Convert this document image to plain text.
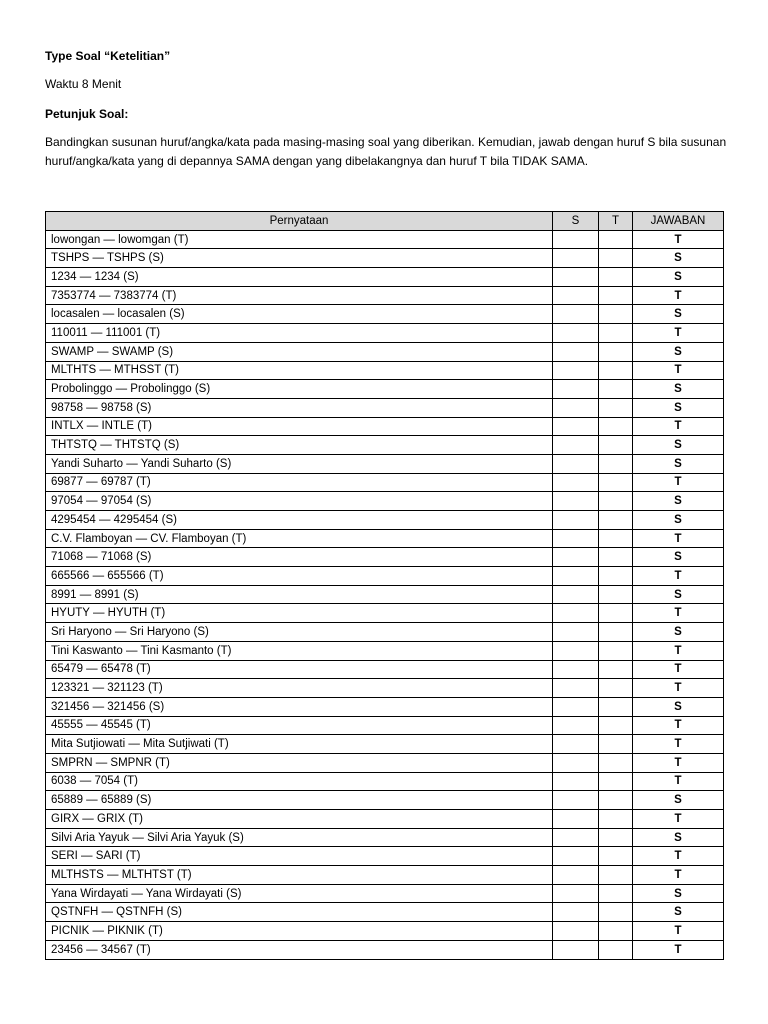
Type Soal “Ketelitian”
Waktu 8 Menit
Petunjuk Soal:
Bandingkan susunan huruf/angka/kata pada masing-masing soal yang diberikan. Kemudian, jawab dengan huruf S bila susunan huruf/angka/kata yang di depannya SAMA dengan yang dibelakangnya dan huruf T bila TIDAK SAMA.
Pernyataan	S	T	JAWABAN
lowongan — lowomgan (T)			T
TSHPS — TSHPS (S)			S
1234 — 1234 (S)			S
7353774 — 7383774 (T)			T
locasalen — locasalen (S)			S
110011 — 111001 (T)			T
SWAMP — SWAMP (S)			S
MLTHTS — MTHSST (T)			T
Probolinggo — Probolinggo (S)			S
98758 — 98758 (S)			S
INTLX — INTLE (T)			T
THTSTQ — THTSTQ (S)			S
Yandi Suharto — Yandi Suharto (S)			S
69877 — 69787 (T)			T
97054 — 97054 (S)			S
4295454 — 4295454 (S)			S
C.V. Flamboyan — CV. Flamboyan (T)			T
71068 — 71068 (S)			S
665566 — 655566 (T)			T
8991 — 8991 (S)			S
HYUTY — HYUTH (T)			T
Sri Haryono — Sri Haryono (S)			S
Tini Kaswanto — Tini Kasmanto (T)			T
65479 — 65478 (T)			T
123321 — 321123 (T)			T
321456 — 321456 (S)			S
45555 — 45545 (T)			T
Mita Sutjiowati — Mita Sutjiwati (T)			T
SMPRN — SMPNR (T)			T
6038 — 7054 (T)			T
65889 — 65889 (S)			S
GIRX — GRIX (T)			T
Silvi Aria Yayuk — Silvi Aria Yayuk (S)			S
SERI — SARI (T)			T
MLTHSTS — MLTHTST (T)			T
Yana Wirdayati — Yana Wirdayati (S)			S
QSTNFH — QSTNFH (S)			S
PICNIK — PIKNIK (T)			T
23456 — 34567 (T)			T
